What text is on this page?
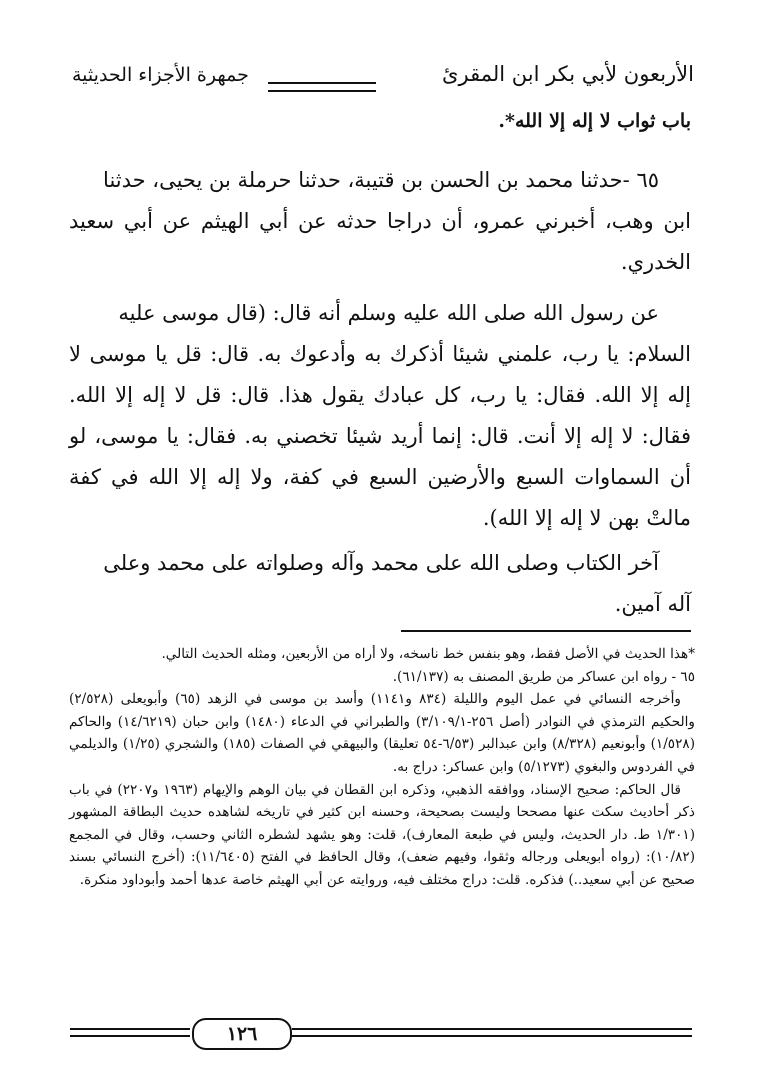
الأربعون لأبي بكر ابن المقرئ
جمهرة الأجزاء الحديثية
باب ثواب لا إله إلا الله*.
٦٥ -حدثنا محمد بن الحسن بن قتيبة، حدثنا حرملة بن يحيى، حدثنا
ابن وهب، أخبرني عمرو، أن دراجا حدثه عن أبي الهيثم عن أبي سعيد الخدري.
عن رسول الله صلى الله عليه وسلم أنه قال: (قال موسى عليه
السلام: يا رب، علمني شيئا أذكرك به وأدعوك به. قال: قل يا موسى لا إله إلا الله. فقال: يا رب، كل عبادك يقول هذا. قال: قل لا إله إلا الله. فقال: لا إله إلا أنت. قال: إنما أريد شيئا تخصني به. فقال: يا موسى، لو أن السماوات السبع والأرضين السبع في كفة، ولا إله إلا الله في كفة مالتْ بهن لا إله إلا الله).
آخر الكتاب وصلى الله على محمد وآله وصلواته على محمد وعلى
آله آمين.

*هذا الحديث في الأصل فقط، وهو بنفس خط ناسخه، ولا أراه من الأربعين، ومثله الحديث التالي.

٦٥ - رواه ابن عساكر من طريق المصنف به (٦١/١٣٧).

وأخرجه النسائي في عمل اليوم والليلة (٨٣٤ و١١٤١) وأسد بن موسى في الزهد (٦٥) وأبويعلى (٢/٥٢٨) والحكيم الترمذي في النوادر (أصل ٢٥٦-٣/١٠٩/١) والطبراني في الدعاء (١٤٨٠) وابن حبان (١٤/٦٢١٩) والحاكم (١/٥٢٨) وأبونعيم (٨/٣٢٨) وابن عبدالبر (٦/٥٣-٥٤ تعليقا) والبيهقي في الصفات (١٨٥) والشجري (١/٢٥) والديلمي في الفردوس والبغوي (٥/١٢٧٣) وابن عساكر: دراج به.

قال الحاكم: صحيح الإسناد، ووافقه الذهبي، وذكره ابن القطان في بيان الوهم والإيهام (١٩٦٣ و٢٢٠٧) في باب ذكر أحاديث سكت عنها مصححا وليست بصحيحة، وحسنه ابن كثير في تاريخه لشاهده حديث البطاقة المشهور (١/٣٠١ ط. دار الحديث، وليس في طبعة المعارف)، قلت: وهو يشهد لشطره الثاني وحسب، وقال في المجمع (١٠/٨٢): (رواه أبويعلى ورجاله وثقوا، وفيهم ضعف)، وقال الحافظ في الفتح (١١/٦٤٠٥): (أخرج النسائي بسند صحيح عن أبي سعيد..) فذكره. قلت: دراج مختلف فيه، وروايته عن أبي الهيثم خاصة عدها أحمد وأبوداود منكرة.

١٢٦
